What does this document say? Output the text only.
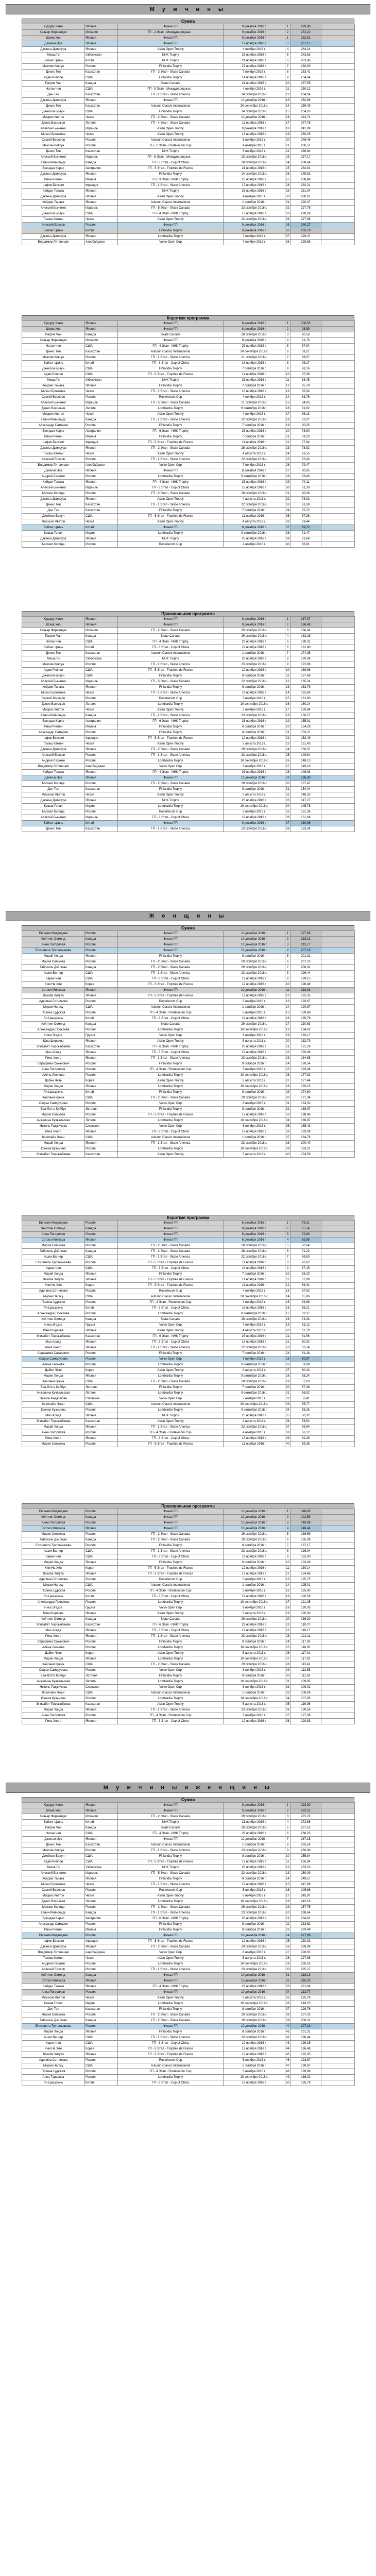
М у ж ч и н ы
Сумма
Юдзуру Ханю	Япония	Финал ГП	9 декабря 2016 г.	1	293,90	
Хавьер Фернандес	Испания	ГП - 2 Этап - Международные…	9 декабря 2016 г.	2	272,22	
Шома Уно	Япония	Финал ГП	9 декабря 2016 г.	1	282,51	
Дзюнъи Ирэ	Япония	Финал ГП	12 ноября 2016 г.	3	267,15	
Дзюнъя Дзиноура	Япония	Asian Open Trophy	4 ноября 2016 г.	4	264,24	
Миша Гэ	Узбекистан	NHK Trophy	28 ноября 2016 г.	5	243,63	
Бойонг Цзинь	Китай	NHK Trophy	21 ноября 2016 г.	6	273,86	
Максим Ковтун	Россия	Finlandia Trophy	27 ноября 2016 г.	7	260,90	
Денис Тен	Казахстан	ГП - 3 Этап - Skate Canada	7 ноября 2016 г.	8	253,41	
Адам Риппон	США	Finlandia Trophy	14 ноября 2016 г.	9	254,84	
Патрик Чан	Канада	Skate Canada	21 ноября 2016 г.	10	257,55	
Натан Чен	США	ГП - 5 Этап - Международные…	4 ноября 2016 г.	11	250,12	
Ден Тен	Казахстан	ГП - 1 Этап - Skate America	24 октября 2016 г.	12	264,24	
Дзюнъя Дзиноура	Япония	Финал ГП	10 декабря 2016 г.	13	252,99	
Денис Тен	Казахстан	Autumn Classic International	30 сентября 2016 г.	14	259,49	
Джейсон Браун	США	Finlandia Trophy	24 октября 2016 г.	15	254,26	
Моррис Кветон	Чехия	ГП - 2 Этап - Skate Canada	10 декабря 2016 г.	16	244,74	
Денис Васильев	Латвия	ГП - 4 Этап - Skate Canada	13 ноября 2016 г.	17	247,76	
Алексей Быченко	Израиль	Asian Open Trophy	9 декабря 2016 г.	18	241,89	
Михал Бржезина	Чехия	Asian Open Trophy	13 ноября 2016 г.	19	250,25	
Сергей Воронов	Россия	Autumn Classic International	5 ноября 2016 г.	20	246,49	
Максим Ковтун	Россия	ГП - 1 Этап - Rostelecom Cup	4 ноября 2016 г.	21	236,51	
Денис Тен	Казахстан	NHK Trophy	5 ноября 2016 г.	22	236,84	
Алексей Быченко	Израиль	ГП - 6 Этап - Международные…	23 октября 2016 г.	23	237,17	
Кевин Рейнольдс	Канада	ГП - 3 Этап - Cup of China	28 октября 2016 г.	24	238,64	
Брендан Кернс	Австралия	ГП - 5 Этап - Trophée de France	21 ноября 2016 г.	25	232,81	
Дзюнъя Дзиноура	Япония	Finlandia Trophy	14 октября 2016 г.	26	245,52	
Иван Ригини	Италия	ГП - 3 Этап - NHK Trophy	23 ноября 2016 г.	27	238,49	
Чафик Бессеги	Франция	ГП - 1 Этап - Skate America	17 ноября 2016 г.	28	232,21	
Кейдзи Танака	Япония	NHK Trophy	26 ноября 2016 г.	29	231,04	
Дзюнъя Дзиноура	Япония	Asian Open Trophy	4 ноября 2016 г.	30	228,01	
Кейджи Танака	Япония	Autumn Classic International	1 октября 2016 г.	31	220,07	
Алексей Быченко	Израиль	ГП - 5 Этап - Skate Canada	23 октября 2016 г.	32	227,78	
Джейсон Браун	США	ГП - 4 Этап - NHK Trophy	13 ноября 2016 г.	33	228,68	
Томаш Кветон	Чехия	Asian Open Trophy	22 октября 2016 г.	34	227,98	
Алексей Ерохов	Россия	Финал ГП	9 декабря 2016 г.	35	240,27	
Бойонг Цзинь	Китай	Finlandia Trophy	9 декабря 2016 г.	36	263,78	
Дзюнъя Дзиноура	Япония	Lombardia Trophy	7 ноября 2016 г.	37	229,47	
Владимир Литвинцев	Азербайджан	Volvo Open Cup	7 ноября 2016 г.	38	228,65	
Короткая программа
Юдзуру Ханю	Япония	Финал ГП	8 декабря 2016 г.	1	106,53	
Шома Уно	Япония	Финал ГП	8 декабря 2016 г.	2	98,59	
Патрик Чан	Канада	Skate Canada	28 октября 2016 г.	3	90,56	
Хавьер Фернандес	Испания	Финал ГП	8 декабря 2016 г.	4	91,76	
Натан Чен	США	ГП - 4 Этап - NHK Trophy	25 ноября 2016 г.	5	87,94	
Денис Тен	Казахстан	Autumn Classic International	30 сентября 2016 г.	6	89,21	
Максим Ковтун	Россия	ГП - 1 Этап - Skate America	21 октября 2016 г.	7	88,07	
Бойонг Цзинь	Китай	ГП - 3 Этап - Cup of China	18 ноября 2016 г.	8	96,17	
Джейсон Браун	США	Finlandia Trophy	7 октября 2016 г.	9	88,16	
Адам Риппон	США	ГП - 5 Этап - Trophée de France	11 ноября 2016 г.	10	87,08	
Миша Гэ	Узбекистан	NHK Trophy	25 ноября 2016 г.	11	83,45	
Кейджи Танака	Япония	Finlandia Trophy	7 октября 2016 г.	12	85,78	
Михал Бржезина	Чехия	ГП - 3 Этап - Skate America	18 ноября 2016 г.	13	85,04	
Сергей Воронов	Россия	Rostelecom Cup	4 ноября 2016 г.	14	83,76	
Алексей Быченко	Израиль	ГП - 5 Этап - Skate Canada	21 октября 2016 г.	15	84,85	
Денис Васильев	Латвия	Lombardia Trophy	9 сентября 2016 г.	16	81,92	
Моррис Кветон	Чехия	Asian Open Trophy	4 ноября 2016 г.	17	86,13	
Кевин Рейнольдс	Канада	ГП - 1 Этап - Skate America	22 октября 2016 г.	18	82,07	
Александр Самарин	Россия	Finlandia Trophy	7 октября 2016 г.	19	80,25	
Брендан Кернс	Австралия	ГП - 6 Этап - NHK Trophy	25 ноября 2016 г.	20	78,90	
Иван Ригини	Италия	Finlandia Trophy	7 октября 2016 г.	21	79,23	
Чафик Бессеги	Франция	ГП - 5 Этап - Trophée de France	11 ноября 2016 г.	22	77,84	
Дзюнъя Дзиноура	Япония	ГП - 2 Этап - Skate Canada	28 октября 2016 г.	23	78,92	
Томаш Кветон	Чехия	Asian Open Trophy	4 августа 2016 г.	24	76,55	
Алексей Ерохов	Россия	ГП - 1 Этап - Skate America	22 октября 2016 г.	25	75,43	
Владимир Литвинцев	Азербайджан	Volvo Open Cup	7 ноября 2016 г.	26	79,47	
Дзюнъи Ирэ	Япония	Финал ГП	8 декабря 2016 г.	27	80,85	
Андрей Лазукин	Россия	Lombardia Trophy	9 сентября 2016 г.	28	78,40	
Кейдзи Танака	Япония	ГП - 4 Этап - NHK Trophy	25 ноября 2016 г.	29	74,11	
Алексей Быченко	Израиль	ГП - 3 Этап - Cup of China	18 ноября 2016 г.	30	81,30	
Михаил Коляда	Россия	ГП - 2 Этап - Skate Canada	28 октября 2016 г.	31	90,28	
Дзюнъя Дзиноура	Япония	Asian Open Trophy	4 августа 2016 г.	32	73,92	
Денис Тен	Казахстан	ГП - 1 Этап - Skate America	22 октября 2016 г.	33	81,08	
Ден Тен	Казахстан	Finlandia Trophy	7 октября 2016 г.	34	75,72	
Джейсон Браун	США	ГП - 5 Этап - Trophée de France	11 ноября 2016 г.	35	87,36	
Морисио Кветон	Чехия	Asian Open Trophy	4 августа 2016 г.	36	79,44	
Бойонг Цзинь	Китай	Финал ГП	8 декабря 2016 г.	37	89,72	
Кешав Гопал	Индия	Lombardia Trophy	9 сентября 2016 г.	38	72,47	
Дзюнъя Дзиноура	Япония	NHK Trophy	25 ноября 2016 г.	39	73,64	
Михаил Коляда	Россия	Rostelecom Cup	4 ноября 2016 г.	40	86,91	
Произвольная программа
Юдзуру Ханю	Япония	Финал ГП	9 декабря 2016 г.	1	187,37	
Шома Уно	Япония	Финал ГП	9 декабря 2016 г.	2	186,48	
Хавьер Фернандес	Испания	ГП - 2 Этап - Skate Canada	29 октября 2016 г.	3	180,46	
Патрик Чан	Канада	Skate Canada	29 октября 2016 г.	4	183,28	
Натан Чен	США	ГП - 4 Этап - NHK Trophy	26 ноября 2016 г.	5	180,31	
Бойонг Цзинь	Китай	ГП - 3 Этап - Cup of China	19 ноября 2016 г.	6	181,90	
Денис Тен	Казахстан	Autumn Classic International	1 октября 2016 г.	7	174,35	
Миша Гэ	Узбекистан	NHK Trophy	26 ноября 2016 г.	8	170,08	
Максим Ковтун	Россия	ГП - 1 Этап - Skate America	23 октября 2016 г.	9	172,86	
Адам Риппон	США	ГП - 5 Этап - Trophée de France	12 ноября 2016 г.	10	169,86	
Джейсон Браун	США	Finlandia Trophy	8 октября 2016 г.	11	167,68	
Алексей Быченко	Израиль	ГП - 5 Этап - Skate Canada	22 октября 2016 г.	12	165,24	
Кейджи Танака	Япония	Finlandia Trophy	8 октября 2016 г.	13	163,79	
Михал Бржезина	Чехия	ГП - 3 Этап - Skate America	19 ноября 2016 г.	14	162,85	
Сергей Воронов	Россия	Rostelecom Cup	5 ноября 2016 г.	15	161,90	
Денис Васильев	Латвия	Lombardia Trophy	10 сентября 2016 г.	16	160,24	
Моррис Кветон	Чехия	Asian Open Trophy	5 ноября 2016 г.	17	159,84	
Кевин Рейнольдс	Канада	ГП - 1 Этап - Skate America	23 октября 2016 г.	18	156,57	
Брендан Кернс	Австралия	ГП - 6 Этап - NHK Trophy	26 ноября 2016 г.	19	155,91	
Иван Ригини	Италия	Finlandia Trophy	8 октября 2016 г.	20	154,26	
Александр Самарин	Россия	Finlandia Trophy	8 октября 2016 г.	21	153,37	
Чафик Бессеги	Франция	ГП - 5 Этап - Trophée de France	12 ноября 2016 г.	22	152,49	
Томаш Кветон	Чехия	Asian Open Trophy	5 августа 2016 г.	23	151,43	
Дзюнъя Дзиноура	Япония	ГП - 2 Этап - Skate Canada	29 октября 2016 г.	24	150,07	
Алексей Ерохов	Россия	ГП - 1 Этап - Skate America	23 октября 2016 г.	25	149,84	
Андрей Лазукин	Россия	Lombardia Trophy	10 сентября 2016 г.	26	148,13	
Владимир Литвинцев	Азербайджан	Volvo Open Cup	8 ноября 2016 г.	27	149,18	
Кейдзи Танака	Япония	ГП - 4 Этап - NHK Trophy	26 ноября 2016 г.	28	146,93	
Дзюнъи Ирэ	Япония	Финал ГП	10 декабря 2016 г.	29	186,30	
Михаил Коляда	Россия	ГП - 2 Этап - Skate Canada	29 октября 2016 г.	30	167,47	
Ден Тен	Казахстан	Finlandia Trophy	8 октября 2016 г.	31	154,04	
Морисио Кветон	Чехия	Asian Open Trophy	5 августа 2016 г.	32	146,32	
Дзюнъя Дзиноура	Япония	NHK Trophy	26 ноября 2016 г.	33	147,27	
Кешав Гопал	Индия	Lombardia Trophy	10 сентября 2016 г.	34	145,78	
Михаил Коляда	Россия	Rostelecom Cup	5 ноября 2016 г.	35	161,36	
Алексей Быченко	Израиль	ГП - 3 Этап - Cup of China	19 ноября 2016 г.	36	151,68	
Бойонг Цзинь	Китай	Финал ГП	9 декабря 2016 г.	37	180,98	
Денис Тен	Казахстан	ГП - 1 Этап - Skate America	23 октября 2016 г.	38	153,08	
Ж е н щ и н ы
Сумма
Евгения Медведева	Россия	Финал ГП	10 декабря 2016 г.	1	227,66	
Кейтлин Осмонд	Канада	Финал ГП	10 декабря 2016 г.	2	218,13	
Анна Погорилая	Россия	Финал ГП	10 декабря 2016 г.	3	213,77	
Елизавета Туктамышева	Россия	Финал ГП	10 декабря 2016 г.	4	207,19	
Марай Хонда	Япония	Finlandia Trophy	8 октября 2016 г.	5	201,31	
Мария Сотскова	Россия	ГП - 2 Этап - Skate Canada	29 октября 2016 г.	6	207,23	
Габриэль Дэйлман	Канада	ГП - 2 Этап - Skate Canada	29 октября 2016 г.	7	206,31	
Ашли Вагнер	США	ГП - 1 Этап - Skate America	23 октября 2016 г.	8	196,44	
Карен Чен	США	ГП - 3 Этап - Cup of China	19 ноября 2016 г.	9	199,15	
Ким На Хён	Корея	ГП - 5 Этап - Trophée de France	12 ноября 2016 г.	10	196,48	
Сатоко Мияхара	Япония	Финал ГП	10 декабря 2016 г.	11	218,33	
Вакаба Хигути	Япония	ГП - 5 Этап - Trophée de France	12 ноября 2016 г.	12	192,35	
Аделина Сотникова	Россия	Rostelecom Cup	5 ноября 2016 г.	13	193,67	
Мираи Нагасу	США	Autumn Classic International	1 октября 2016 г.	14	190,87	
Полина Цурская	Россия	ГП - 4 Этап - Rostelecom Cup	5 ноября 2016 г.	15	189,88	
Ли Цзыцзюнь	Китай	ГП - 3 Этап - Cup of China	19 ноября 2016 г.	16	185,79	
Кэйтлин Осмонд	Канада	Skate Canada	29 октября 2016 г.	17	210,63	
Александра Проклова	Россия	Lombardia Trophy	10 сентября 2016 г.	18	184,62	
Ника Эгадзе	Грузия	Volvo Open Cup	8 ноября 2016 г.	19	183,17	
Юна Шираива	Япония	Asian Open Trophy	5 августа 2016 г.	20	182,79	
Элизабет Тюрсынбаева	Казахстан	ГП - 6 Этап - NHK Trophy	26 ноября 2016 г.	21	181,26	
Мао Асада	Япония	ГП - 3 Этап - Cup of China	19 ноября 2016 г.	22	176,49	
Рика Хонго	Япония	ГП - 1 Этап - Skate America	23 октября 2016 г.	23	184,85	
Серафима Саханович	Россия	Finlandia Trophy	8 октября 2016 г.	24	178,54	
Анна Погорилая	Россия	ГП - 4 Этап - Rostelecom Cup	5 ноября 2016 г.	25	193,48	
Алёна Леонова	Россия	Lombardia Trophy	10 сентября 2016 г.	26	177,92	
Дабин Чхве	Корея	Asian Open Trophy	5 августа 2016 г.	27	177,44	
Марин Хонда	Япония	Lombardia Trophy	10 сентября 2016 г.	28	176,15	
Ли Цзыцзюнь	Китай	Finlandia Trophy	8 октября 2016 г.	29	174,80	
Кайлани Крейн	США	ГП - 2 Этап - Skate Canada	29 октября 2016 г.	30	171,34	
Софья Самодурова	Россия	Volvo Open Cup	8 ноября 2016 г.	31	174,52	
Ева-Лотта Кийбус	Эстония	Finlandia Trophy	8 октября 2016 г.	32	168,97	
Мария Сотскова	Россия	ГП - 5 Этап - Trophée de France	12 ноября 2016 г.	33	198,46	
Анжелина Кучвальская	Латвия	Lombardia Trophy	10 сентября 2016 г.	34	166,87	
Николь Раджичова	Словакия	Volvo Open Cup	8 ноября 2016 г.	35	165,43	
Рика Хонго	Япония	ГП - 3 Этап - Cup of China	19 ноября 2016 г.	36	183,09	
Кэролайн Чжан	США	Autumn Classic International	1 октября 2016 г.	37	164,76	
Марай Хонда	Япония	ГП - 1 Этап - Skate America	23 октября 2016 г.	38	200,40	
Ксения Кузьмина	Россия	Lombardia Trophy	10 сентября 2016 г.	39	163,21	
Элизабет Тюрсынбаева	Казахстан	Asian Open Trophy	5 августа 2016 г.	40	174,59	
Короткая программа
Евгения Медведева	Россия	Финал ГП	8 декабря 2016 г.	1	79,21	
Кейтлин Осмонд	Канада	Финал ГП	8 декабря 2016 г.	2	75,54	
Анна Погорилая	Россия	Финал ГП	8 декабря 2016 г.	3	72,89	
Сатоко Мияхара	Япония	Финал ГП	8 декабря 2016 г.	4	69,89	
Мария Сотскова	Россия	ГП - 2 Этап - Skate Canada	28 октября 2016 г.	5	70,64	
Габриэль Дэйлман	Канада	ГП - 2 Этап - Skate Canada	28 октября 2016 г.	6	71,22	
Ашли Вагнер	США	ГП - 1 Этап - Skate America	22 октября 2016 г.	7	69,50	
Елизавета Туктамышева	Россия	ГП - 5 Этап - Trophée de France	11 ноября 2016 г.	8	70,02	
Карен Чен	США	ГП - 3 Этап - Cup of China	18 ноября 2016 г.	9	67,15	
Марай Хонда	Япония	Finlandia Trophy	7 октября 2016 г.	10	68,23	
Вакаба Хигути	Япония	ГП - 5 Этап - Trophée de France	11 ноября 2016 г.	11	67,89	
Ким На Хён	Корея	ГП - 5 Этап - Trophée de France	11 ноября 2016 г.	12	66,34	
Аделина Сотникова	Россия	Rostelecom Cup	4 ноября 2016 г.	13	67,92	
Мираи Нагасу	США	Autumn Classic International	30 сентября 2016 г.	14	65,86	
Полина Цурская	Россия	ГП - 4 Этап - Rostelecom Cup	4 ноября 2016 г.	15	64,88	
Ли Цзыцзюнь	Китай	ГП - 3 Этап - Cup of China	18 ноября 2016 г.	16	65,21	
Александра Проклова	Россия	Lombardia Trophy	9 сентября 2016 г.	17	63,37	
Кэйтлин Осмонд	Канада	Skate Canada	28 октября 2016 г.	18	74,33	
Ника Эгадзе	Грузия	Volvo Open Cup	7 ноября 2016 г.	19	63,12	
Юна Шираива	Япония	Asian Open Trophy	4 августа 2016 г.	20	62,79	
Элизабет Тюрсынбаева	Казахстан	ГП - 6 Этап - NHK Trophy	25 ноября 2016 г.	21	61,56	
Мао Асада	Япония	ГП - 3 Этап - Cup of China	18 ноября 2016 г.	22	60,32	
Рика Хонго	Япония	ГП - 1 Этап - Skate America	22 октября 2016 г.	23	63,74	
Серафима Саханович	Россия	Finlandia Trophy	7 октября 2016 г.	24	61,18	
Софья Самодурова	Россия	Volvo Open Cup	7 ноября 2016 г.	25	60,67	
Алёна Леонова	Россия	Lombardia Trophy	9 сентября 2016 г.	26	59,89	
Дабин Чхве	Корея	Asian Open Trophy	4 августа 2016 г.	27	60,43	
Марин Хонда	Япония	Lombardia Trophy	9 сентября 2016 г.	28	58,24	
Кайлани Крейн	США	ГП - 2 Этап - Skate Canada	28 октября 2016 г.	29	57,93	
Ева-Лотта Кийбус	Эстония	Finlandia Trophy	7 октября 2016 г.	30	57,38	
Анжелина Кучвальская	Латвия	Lombardia Trophy	9 сентября 2016 г.	31	56,92	
Николь Раджичова	Словакия	Volvo Open Cup	7 ноября 2016 г.	32	56,41	
Кэролайн Чжан	США	Autumn Classic International	30 сентября 2016 г.	33	55,77	
Ксения Кузьмина	Россия	Lombardia Trophy	9 сентября 2016 г.	34	55,26	
Мао Асада	Япония	NHK Trophy	25 ноября 2016 г.	35	60,32	
Элизабет Тюрсынбаева	Казахстан	Asian Open Trophy	4 августа 2016 г.	36	58,54	
Марай Хонда	Япония	ГП - 1 Этап - Skate America	22 октября 2016 г.	37	69,84	
Анна Погорилая	Россия	ГП - 4 Этап - Rostelecom Cup	4 ноября 2016 г.	38	66,12	
Рика Хонго	Япония	ГП - 3 Этап - Cup of China	18 ноября 2016 г.	39	62,26	
Мария Сотскова	Россия	ГП - 5 Этап - Trophée de France	11 ноября 2016 г.	40	69,35	
Произвольная программа
Евгения Медведева	Россия	Финал ГП	10 декабря 2016 г.	1	148,45	
Кейтлин Осмонд	Канада	Финал ГП	10 декабря 2016 г.	2	142,59	
Анна Погорилая	Россия	Финал ГП	10 декабря 2016 г.	3	140,88	
Сатоко Мияхара	Япония	Финал ГП	10 декабря 2016 г.	4	148,44	
Мария Сотскова	Россия	ГП - 2 Этап - Skate Canada	29 октября 2016 г.	5	136,59	
Габриэль Дэйлман	Канада	ГП - 2 Этап - Skate Canada	29 октября 2016 г.	6	135,09	
Елизавета Туктамышева	Россия	Finlandia Trophy	8 октября 2016 г.	7	137,17	
Ашли Вагнер	США	ГП - 1 Этап - Skate America	23 октября 2016 г.	8	126,94	
Карен Чен	США	ГП - 3 Этап - Cup of China	19 ноября 2016 г.	9	132,00	
Марай Хонда	Япония	Finlandia Trophy	8 октября 2016 г.	10	133,08	
Ким На Хён	Корея	ГП - 5 Этап - Trophée de France	12 ноября 2016 г.	11	130,14	
Вакаба Хигути	Япония	ГП - 5 Этап - Trophée de France	12 ноября 2016 г.	12	124,46	
Аделина Сотникова	Россия	Rostelecom Cup	5 ноября 2016 г.	13	125,75	
Мираи Нагасу	США	Autumn Classic International	1 октября 2016 г.	14	125,01	
Полина Цурская	Россия	ГП - 4 Этап - Rostelecom Cup	5 ноября 2016 г.	15	125,00	
Ли Цзыцзюнь	Китай	ГП - 3 Этап - Cup of China	19 ноября 2016 г.	16	120,58	
Александра Проклова	Россия	Lombardia Trophy	10 сентября 2016 г.	17	121,25	
Ника Эгадзе	Грузия	Volvo Open Cup	8 ноября 2016 г.	18	120,05	
Юна Шираива	Япония	Asian Open Trophy	5 августа 2016 г.	19	120,00	
Кэйтлин Осмонд	Канада	Skate Canada	29 октября 2016 г.	20	136,30	
Элизабет Тюрсынбаева	Казахстан	ГП - 6 Этап - NHK Trophy	26 ноября 2016 г.	21	119,70	
Мао Асада	Япония	ГП - 3 Этап - Cup of China	19 ноября 2016 г.	22	116,17	
Рика Хонго	Япония	ГП - 1 Этап - Skate America	23 октября 2016 г.	23	121,11	
Серафима Саханович	Россия	Finlandia Trophy	8 октября 2016 г.	24	117,36	
Алёна Леонова	Россия	Lombardia Trophy	10 сентября 2016 г.	25	118,03	
Дабин Чхве	Корея	Asian Open Trophy	5 августа 2016 г.	26	117,01	
Марин Хонда	Япония	Lombardia Trophy	10 сентября 2016 г.	27	117,91	
Кайлани Крейн	США	ГП - 2 Этап - Skate Canada	29 октября 2016 г.	28	113,41	
Софья Самодурова	Россия	Volvo Open Cup	8 ноября 2016 г.	29	113,85	
Ева-Лотта Кийбус	Эстония	Finlandia Trophy	8 октября 2016 г.	30	111,59	
Анжелина Кучвальская	Латвия	Lombardia Trophy	10 сентября 2016 г.	31	109,95	
Николь Раджичова	Словакия	Volvo Open Cup	8 ноября 2016 г.	32	109,02	
Кэролайн Чжан	США	Autumn Classic International	1 октября 2016 г.	33	108,99	
Ксения Кузьмина	Россия	Lombardia Trophy	10 сентября 2016 г.	34	107,95	
Элизабет Тюрсынбаева	Казахстан	Asian Open Trophy	5 августа 2016 г.	35	116,05	
Марай Хонда	Япония	ГП - 1 Этап - Skate America	23 октября 2016 г.	36	130,56	
Анна Погорилая	Россия	ГП - 4 Этап - Rostelecom Cup	5 ноября 2016 г.	37	127,36	
Рика Хонго	Япония	ГП - 3 Этап - Cup of China	19 ноября 2016 г.	38	120,83	
М у ж ч и н ы и ж е н щ и н ы
Сумма
Юдзуру Ханю	Япония	Финал ГП	9 декабря 2016 г.	1	293,90	
Шома Уно	Япония	Финал ГП	9 декабря 2016 г.	2	282,51	
Хавьер Фернандес	Испания	ГП - 2 Этап - Skate Canada	29 октября 2016 г.	3	272,22	
Бойонг Цзинь	Китай	NHK Trophy	21 ноября 2016 г.	4	273,86	
Патрик Чан	Канада	Skate Canada	29 октября 2016 г.	5	257,55	
Натан Чен	США	ГП - 4 Этап - NHK Trophy	26 ноября 2016 г.	6	268,25	
Дзюнъи Ирэ	Япония	Финал ГП	10 декабря 2016 г.	7	267,15	
Денис Тен	Казахстан	Autumn Classic International	1 октября 2016 г.	8	263,56	
Максим Ковтун	Россия	ГП - 1 Этап - Skate America	23 октября 2016 г.	9	260,90	
Джейсон Браун	США	Finlandia Trophy	8 октября 2016 г.	10	255,84	
Адам Риппон	США	ГП - 5 Этап - Trophée de France	12 ноября 2016 г.	11	256,94	
Миша Гэ	Узбекистан	NHK Trophy	26 ноября 2016 г.	12	253,53	
Алексей Быченко	Израиль	ГП - 5 Этап - Skate Canada	22 октября 2016 г.	13	250,09	
Кейджи Танака	Япония	Finlandia Trophy	8 октября 2016 г.	14	249,57	
Михал Бржезина	Чехия	ГП - 3 Этап - Skate America	19 ноября 2016 г.	15	247,89	
Сергей Воронов	Россия	Rostelecom Cup	5 ноября 2016 г.	16	245,66	
Моррис Кветон	Чехия	Asian Open Trophy	5 ноября 2016 г.	17	245,97	
Денис Васильев	Латвия	Lombardia Trophy	10 сентября 2016 г.	18	242,16	
Михаил Коляда	Россия	ГП - 2 Этап - Skate Canada	29 октября 2016 г.	19	257,75	
Кевин Рейнольдс	Канада	ГП - 1 Этап - Skate America	23 октября 2016 г.	20	238,64	
Брендан Кернс	Австралия	ГП - 6 Этап - NHK Trophy	26 ноября 2016 г.	21	234,81	
Александр Самарин	Россия	Finlandia Trophy	8 октября 2016 г.	22	233,62	
Иван Ригини	Италия	Finlandia Trophy	8 октября 2016 г.	23	233,49	
Евгения Медведева	Россия	Финал ГП	10 декабря 2016 г.	24	227,66	
Чафик Бессеги	Франция	ГП - 5 Этап - Trophée de France	12 ноября 2016 г.	25	230,33	
Дзюнъя Дзиноура	Япония	ГП - 2 Этап - Skate Canada	29 октября 2016 г.	26	228,99	
Владимир Литвинцев	Азербайджан	Volvo Open Cup	8 ноября 2016 г.	27	228,65	
Томаш Кветон	Чехия	Asian Open Trophy	5 августа 2016 г.	28	227,98	
Андрей Лазукин	Россия	Lombardia Trophy	10 сентября 2016 г.	29	226,53	
Алексей Ерохов	Россия	ГП - 1 Этап - Skate America	23 октября 2016 г.	30	225,27	
Кейтлин Осмонд	Канада	Финал ГП	10 декабря 2016 г.	31	218,13	
Сатоко Мияхара	Япония	Финал ГП	10 декабря 2016 г.	32	218,33	
Кейдзи Танака	Япония	ГП - 4 Этап - NHK Trophy	26 ноября 2016 г.	33	221,04	
Анна Погорилая	Россия	Финал ГП	10 декабря 2016 г.	34	213,77	
Морисио Кветон	Чехия	Asian Open Trophy	5 августа 2016 г.	35	225,76	
Кешав Гопал	Индия	Lombardia Trophy	10 сентября 2016 г.	36	218,25	
Ден Тен	Казахстан	Finlandia Trophy	8 октября 2016 г.	37	229,76	
Мария Сотскова	Россия	ГП - 2 Этап - Skate Canada	29 октября 2016 г.	38	207,23	
Габриэль Дэйлман	Канада	ГП - 2 Этап - Skate Canada	29 октября 2016 г.	39	206,31	
Елизавета Туктамышева	Россия	Финал ГП	10 декабря 2016 г.	40	207,19	
Марай Хонда	Япония	Finlandia Trophy	8 октября 2016 г.	41	201,31	
Ашли Вагнер	США	ГП - 1 Этап - Skate America	23 октября 2016 г.	42	196,44	
Карен Чен	США	ГП - 3 Этап - Cup of China	19 ноября 2016 г.	43	199,15	
Ким На Хён	Корея	ГП - 5 Этап - Trophée de France	12 ноября 2016 г.	44	196,48	
Вакаба Хигути	Япония	ГП - 5 Этап - Trophée de France	12 ноября 2016 г.	45	192,35	
Аделина Сотникова	Россия	Rostelecom Cup	5 ноября 2016 г.	46	193,67	
Мираи Нагасу	США	Autumn Classic International	1 октября 2016 г.	47	190,87	
Полина Цурская	Россия	ГП - 4 Этап - Rostelecom Cup	5 ноября 2016 г.	48	189,88	
Анна Тарасова	Россия	Lombardia Trophy	10 сентября 2016 г.	49	186,02	
Ли Цзыцзюнь	Китай	ГП - 3 Этап - Cup of China	19 ноября 2016 г.	50	185,79	
